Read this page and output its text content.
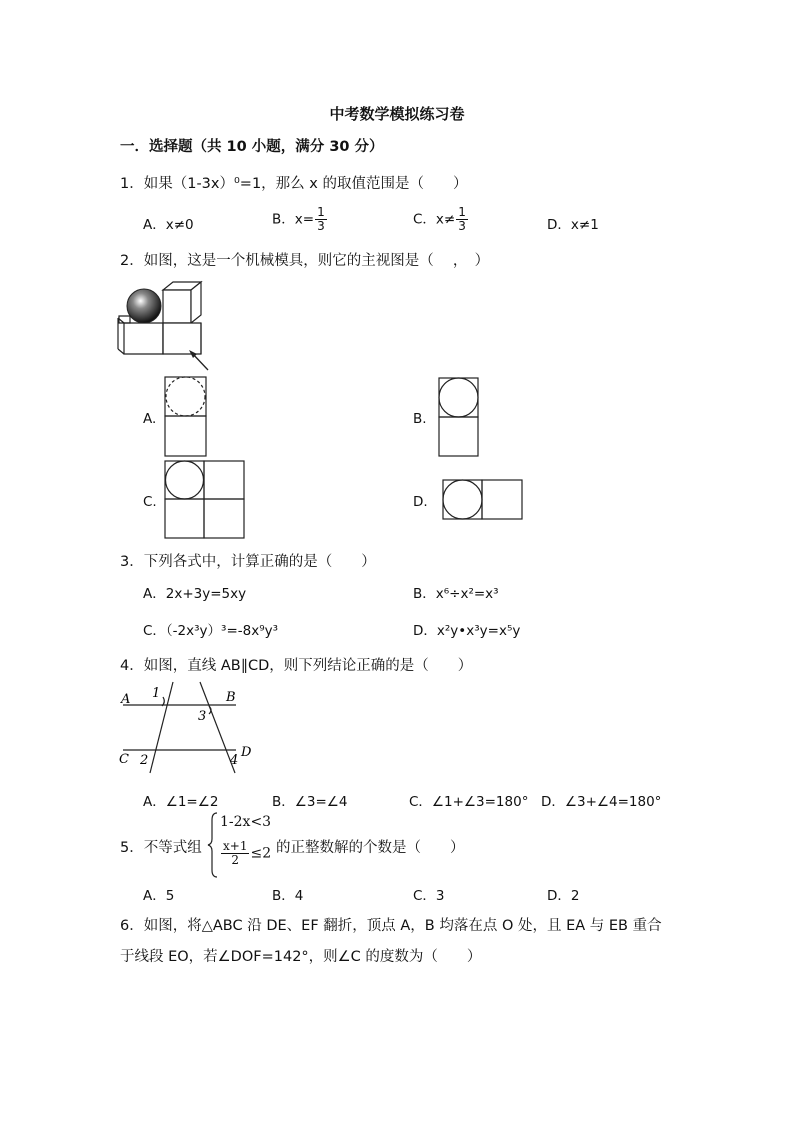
中考数学模拟练习卷
一．选择题（共 10 小题，满分 30 分）
1．如果（1-3x）⁰=1，那么 x 的取值范围是（　　）
A．x≠0	B．$x= \frac{1}{3}$	C．$x\ne \frac{1}{3}$	D．x≠1
2．如图，这是一个机械模具，则它的主视图是（　 ，　）
A.	B.
C.	D.
3．下列各式中，计算正确的是（　　）
A．2x+3y=5xy	B．x⁶÷x²=x³
C．（-2x³y）³=-8x⁹y³	D．x²y•x³y=x⁵y
4．如图，直线 AB∥CD，则下列结论正确的是（　　）
A	B
C	D
1
2
3
4
A．∠1=∠2	B．∠3=∠4	C．∠1+∠3=180° D．∠3+∠4=180°
5．不等式组
1-2x<3
$\frac{x+1}{2} \le 2$ 的正整数解的个数是（　　）
A．5	B．4	C．3	D．2
6．如图，将△ABC 沿 DE、EF 翻折，顶点 A，B 均落在点 O 处，且 EA 与 EB 重合
于线段 EO，若∠DOF=142°，则∠C 的度数为（　　）
